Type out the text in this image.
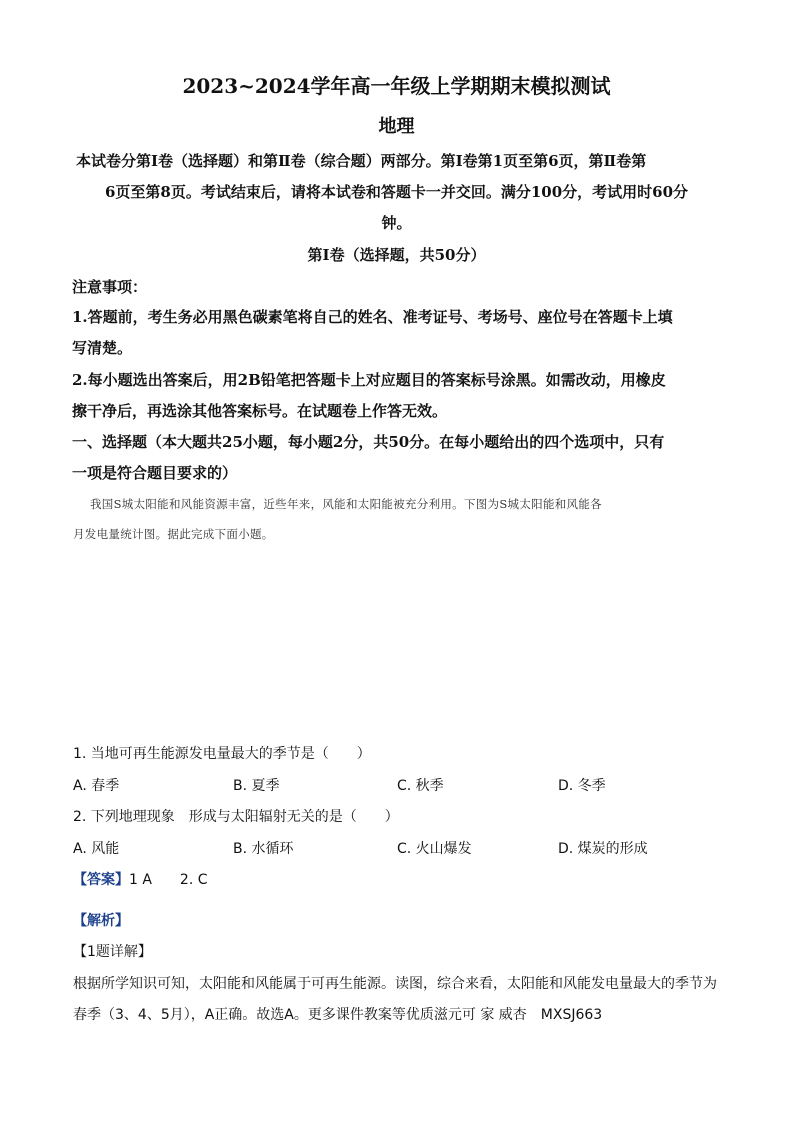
2023~2024学年高一年级上学期期末模拟测试
地理
本试卷分第Ⅰ卷（选择题）和第Ⅱ卷（综合题）两部分。第Ⅰ卷第1页至第6页，第Ⅱ卷第
6页至第8页。考试结束后，请将本试卷和答题卡一并交回。满分100分，考试用时60分
钟。
第Ⅰ卷（选择题，共50分）
注意事项：
1.答题前，考生务必用黑色碳素笔将自己的姓名、准考证号、考场号、座位号在答题卡上填
写清楚。
2.每小题选出答案后，用2B铅笔把答题卡上对应题目的答案标号涂黑。如需改动，用橡皮
擦干净后，再选涂其他答案标号。在试题卷上作答无效。
一、选择题（本大题共25小题，每小题2分，共50分。在每小题给出的四个选项中，只有
一项是符合题目要求的）
我国S城太阳能和风能资源丰富，近些年来，风能和太阳能被充分利用。下图为S城太阳能和风能各
月发电量统计图。据此完成下面小题。
1. 当地可再生能源发电量最大的季节是（　　）
A. 春季	B. 夏季	C. 秋季	D. 冬季
2. 下列地理现象　形成与太阳辐射无关的是（　　）
A. 风能	B. 水循环	C. 火山爆发	D. 煤炭的形成
【答案】1 A　　2. C
【解析】
【1题详解】
根据所学知识可知，太阳能和风能属于可再生能源。读图，综合来看，太阳能和风能发电量最大的季节为
春季（3、4、5月），A正确。故选A。更多课件教案等优质滋元可 家 威杏　MXSJ663
